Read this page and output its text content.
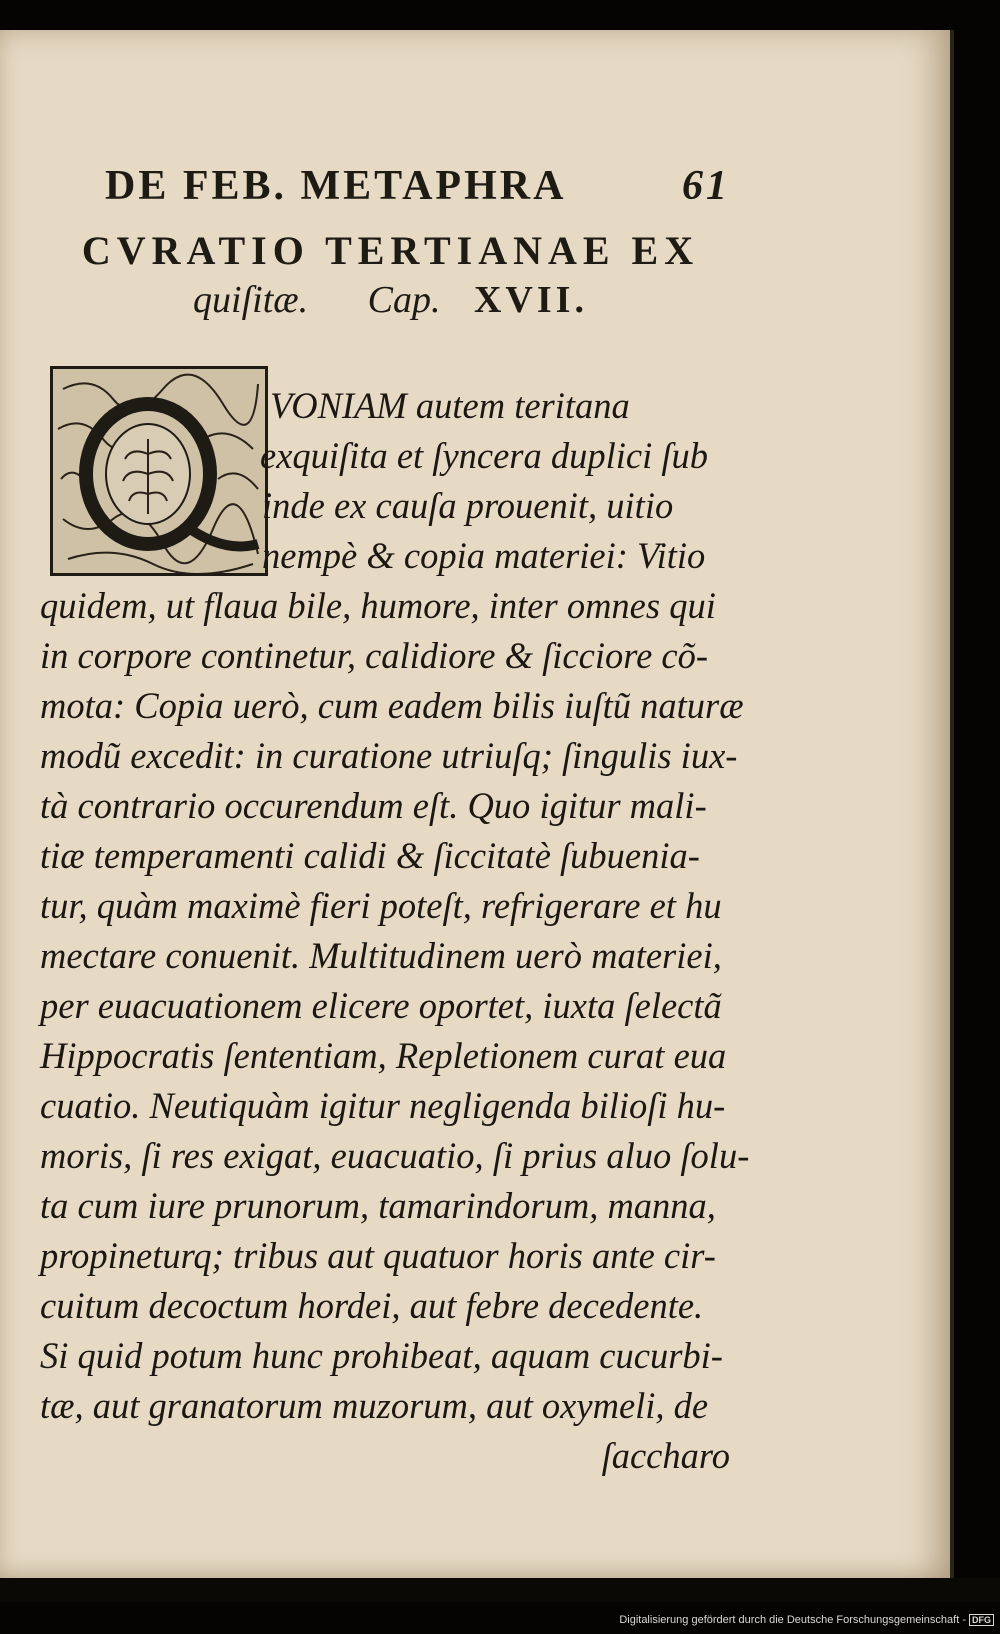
DE FEB. METAPHRA	61
CVRATIO TERTIANAE EX
quiſitæ. Cap. XVII.
VONIAM autem teritana
exquiſita et ſyncera duplici ſub
inde ex cauſa prouenit, uitio
nempè & copia materiei: Vitio
quidem, ut flaua bile, humore, inter omnes qui
in corpore continetur, calidiore & ſicciore cõ-
mota: Copia uerò, cum eadem bilis iuſtũ naturæ
modũ excedit: in curatione utriuſq; ſingulis iux-
tà contrario occurendum eſt. Quo igitur mali-
tiæ temperamenti calidi & ſiccitatè ſubuenia-
tur, quàm maximè fieri poteſt, refrigerare et hu
mectare conuenit. Multitudinem uerò materiei,
per euacuationem elicere oportet, iuxta ſelectã
Hippocratis ſententiam, Repletionem curat eua
cuatio. Neutiquàm igitur negligenda bilioſi hu-
moris, ſi res exigat, euacuatio, ſi prius aluo ſolu-
ta cum iure prunorum, tamarindorum, manna,
propineturq; tribus aut quatuor horis ante cir-
cuitum decoctum hordei, aut febre decedente.
Si quid potum hunc prohibeat, aquam cucurbi-
tæ, aut granatorum muzorum, aut oxymeli, de
ſaccharo
Digitalisierung gefördert durch die Deutsche Forschungsgemeinschaft - DFG
